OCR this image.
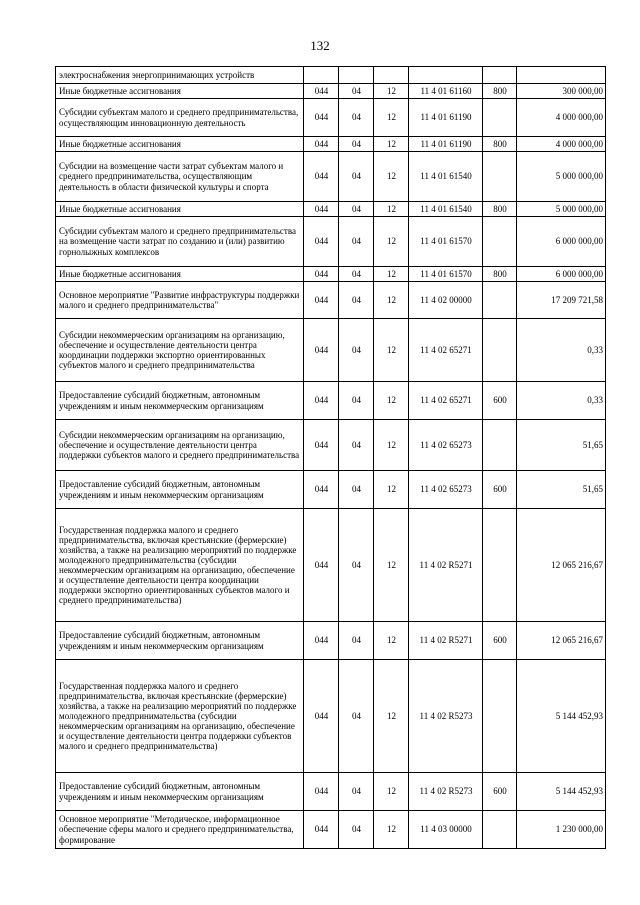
132
электроснабжения энергопринимающих устройств						
Иные бюджетные ассигнования	044	04	12	11 4 01 61160	800	300 000,00
Субсидии субъектам малого и среднего предпринимательства, осуществляющим инновационную деятельность	044	04	12	11 4 01 61190		4 000 000,00
Иные бюджетные ассигнования	044	04	12	11 4 01 61190	800	4 000 000,00
Субсидии на возмещение части затрат субъектам малого и среднего предпринимательства, осуществляющим деятельность в области физической культуры и спорта	044	04	12	11 4 01 61540		5 000 000,00
Иные бюджетные ассигнования	044	04	12	11 4 01 61540	800	5 000 000,00
Субсидии субъектам малого и среднего предпринимательства на возмещение части затрат по созданию и (или) развитию горнолыжных комплексов	044	04	12	11 4 01 61570		6 000 000,00
Иные бюджетные ассигнования	044	04	12	11 4 01 61570	800	6 000 000,00
Основное мероприятие "Развитие инфраструктуры поддержки малого и среднего предпринимательства"	044	04	12	11 4 02 00000		17 209 721,58
Субсидии некоммерческим организациям на организацию, обеспечение и осуществление деятельности центра координации поддержки экспортно ориентированных субъектов малого и среднего предпринимательства	044	04	12	11 4 02 65271		0,33
Предоставление субсидий бюджетным, автономным учреждениям и иным некоммерческим организациям	044	04	12	11 4 02 65271	600	0,33
Субсидии некоммерческим организациям на организацию, обеспечение и осуществление деятельности центра поддержки субъектов малого и среднего предпринимательства	044	04	12	11 4 02 65273		51,65
Предоставление субсидий бюджетным, автономным учреждениям и иным некоммерческим организациям	044	04	12	11 4 02 65273	600	51,65
Государственная поддержка малого и среднего предпринимательства, включая крестьянские (фермерские) хозяйства, а также на реализацию мероприятий по поддержке молодежного предпринимательства (субсидии некоммерческим организациям на организацию, обеспечение и осуществление деятельности центра координации поддержки экспортно ориентированных субъектов малого и среднего предпринимательства)	044	04	12	11 4 02 R5271		12 065 216,67
Предоставление субсидий бюджетным, автономным учреждениям и иным некоммерческим организациям	044	04	12	11 4 02 R5271	600	12 065 216,67
Государственная поддержка малого и среднего предпринимательства, включая крестьянские (фермерские) хозяйства, а также на реализацию мероприятий по поддержке молодежного предпринимательства (субсидии некоммерческим организациям на организацию, обеспечение и осуществление деятельности центра поддержки субъектов малого и среднего предпринимательства)	044	04	12	11 4 02 R5273		5 144 452,93
Предоставление субсидий бюджетным, автономным учреждениям и иным некоммерческим организациям	044	04	12	11 4 02 R5273	600	5 144 452,93
Основное мероприятие "Методическое, информационное обеспечение сферы малого и среднего предпринимательства, формирование	044	04	12	11 4 03 00000		1 230 000,00
